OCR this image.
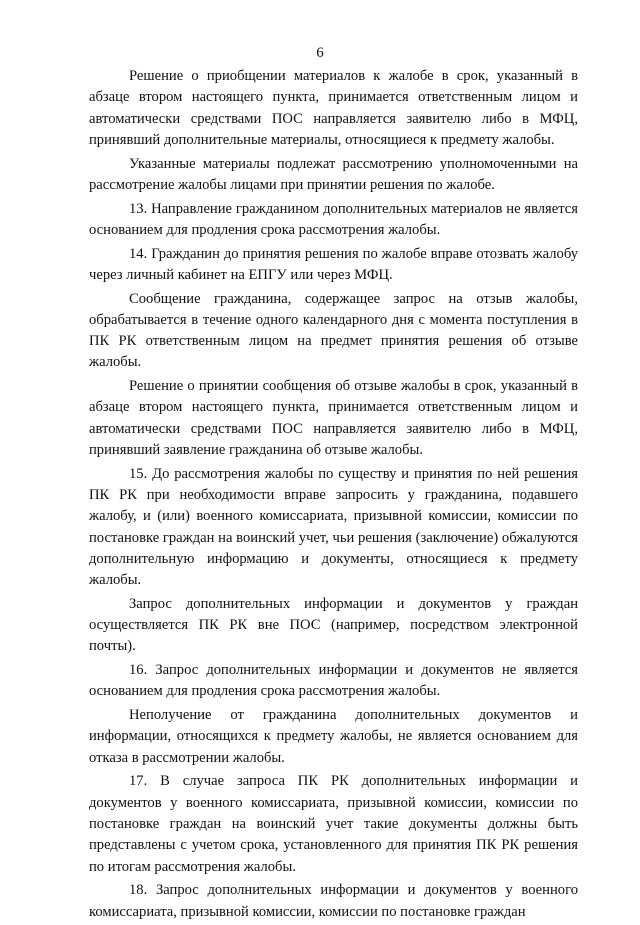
6

Решение о приобщении материалов к жалобе в срок, указанный в абзаце втором настоящего пункта, принимается ответственным лицом и автоматически средствами ПОС направляется заявителю либо в МФЦ, принявший дополнительные материалы, относящиеся к предмету жалобы.

Указанные материалы подлежат рассмотрению уполномоченными на рассмотрение жалобы лицами при принятии решения по жалобе.

13. Направление гражданином дополнительных материалов не является основанием для продления срока рассмотрения жалобы.

14. Гражданин до принятия решения по жалобе вправе отозвать жалобу через личный кабинет на ЕПГУ или через МФЦ.

Сообщение гражданина, содержащее запрос на отзыв жалобы, обрабатывается в течение одного календарного дня с момента поступления в ПК РК ответственным лицом на предмет принятия решения об отзыве жалобы.

Решение о принятии сообщения об отзыве жалобы в срок, указанный в абзаце втором настоящего пункта, принимается ответственным лицом и автоматически средствами ПОС направляется заявителю либо в МФЦ, принявший заявление гражданина об отзыве жалобы.

15. До рассмотрения жалобы по существу и принятия по ней решения ПК РК при необходимости вправе запросить у гражданина, подавшего жалобу, и (или) военного комиссариата, призывной комиссии, комиссии по постановке граждан на воинский учет, чьи решения (заключение) обжалуются дополнительную информацию и документы, относящиеся к предмету жалобы.

Запрос дополнительных информации и документов у граждан осуществляется ПК РК вне ПОС (например, посредством электронной почты).

16. Запрос дополнительных информации и документов не является основанием для продления срока рассмотрения жалобы.

Неполучение от гражданина дополнительных документов и информации, относящихся к предмету жалобы, не является основанием для отказа в рассмотрении жалобы.

17. В случае запроса ПК РК дополнительных информации и документов у военного комиссариата, призывной комиссии, комиссии по постановке граждан на воинский учет такие документы должны быть представлены с учетом срока, установленного для принятия ПК РК решения по итогам рассмотрения жалобы.

18. Запрос дополнительных информации и документов у военного комиссариата, призывной комиссии, комиссии по постановке граждан
